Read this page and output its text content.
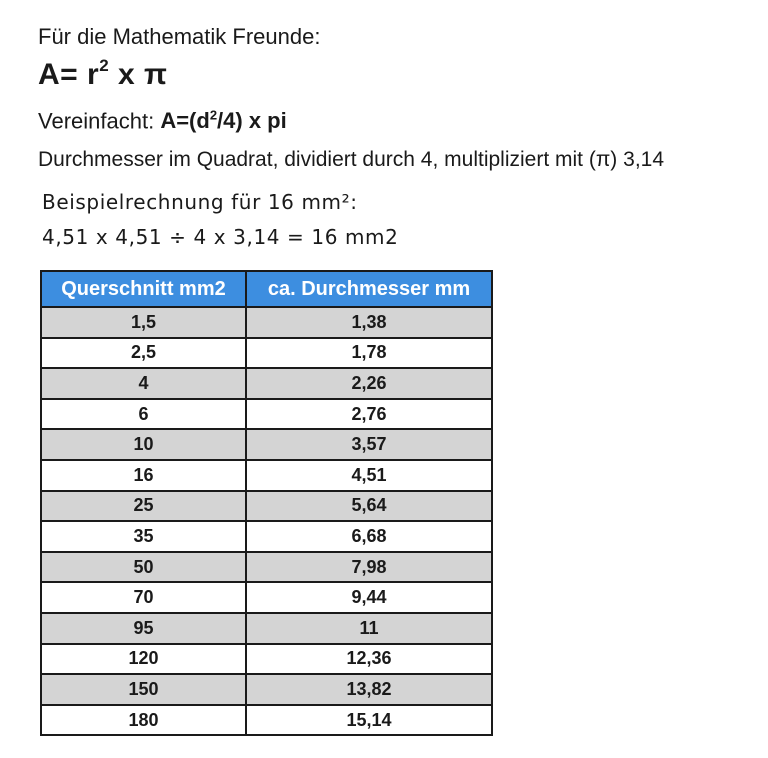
Für die Mathematik Freunde:
$A= r^2$ x π
Vereinfacht: $A=(d^2/4)$ x pi
Durchmesser im Quadrat, dividiert durch 4, multipliziert mit (π) 3,14
Beispielrechnung für 16 mm²:
4,51 x 4,51 ÷ 4 x 3,14 = 16 mm2
Querschnitt mm2	ca. Durchmesser mm
1,5	1,38
2,5	1,78
4	2,26
6	2,76
10	3,57
16	4,51
25	5,64
35	6,68
50	7,98
70	9,44
95	11
120	12,36
150	13,82
180	15,14
